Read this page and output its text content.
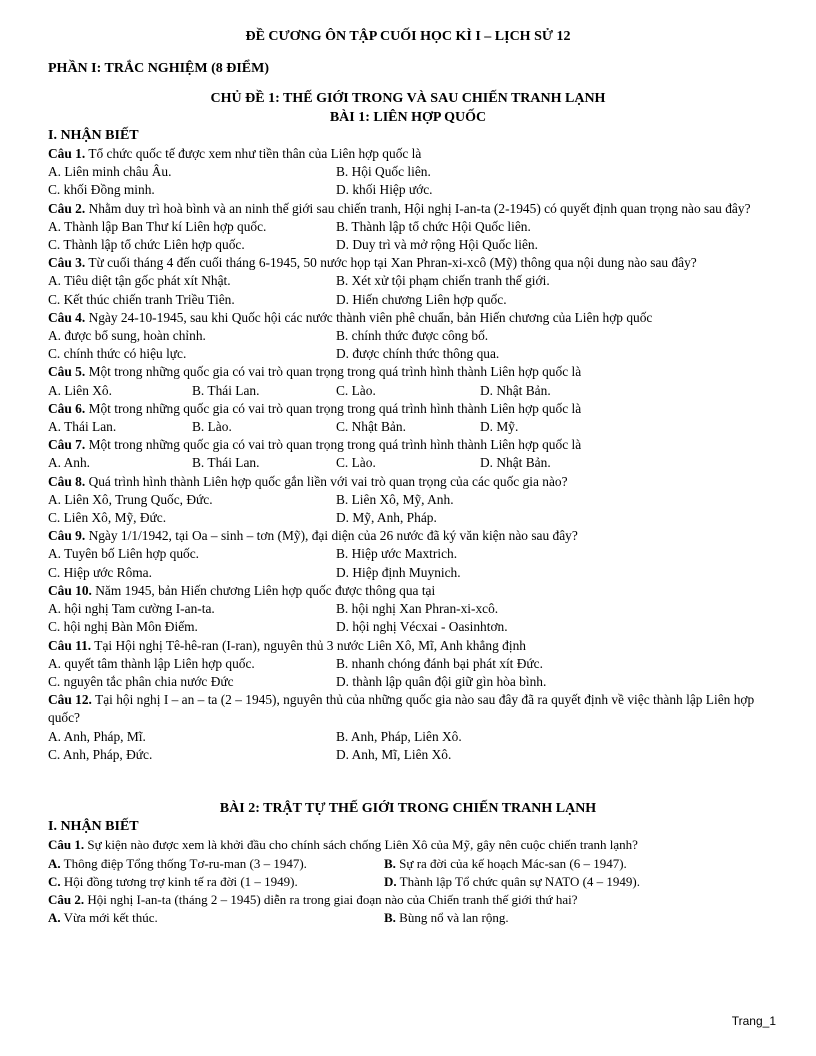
ĐỀ CƯƠNG ÔN TẬP CUỐI HỌC KÌ I – LỊCH SỬ 12
PHẦN I: TRẮC NGHIỆM (8 ĐIỂM)
CHỦ ĐỀ 1: THẾ GIỚI TRONG VÀ SAU CHIẾN TRANH LẠNH
BÀI 1: LIÊN HỢP QUỐC
I. NHẬN BIẾT

Câu 1. Tổ chức quốc tế được xem như tiền thân của Liên hợp quốc là

A. Liên minh châu Âu.	B. Hội Quốc liên.
C. khối Đồng minh.	D. khối Hiệp ước.

Câu 2. Nhằm duy trì hoà bình và an ninh thế giới sau chiến tranh, Hội nghị I-an-ta (2-1945) có quyết định quan trọng nào sau đây?

A. Thành lập Ban Thư kí Liên hợp quốc.	B. Thành lập tổ chức Hội Quốc liên.
C. Thành lập tổ chức Liên hợp quốc.	D. Duy trì và mở rộng Hội Quốc liên.

Câu 3. Từ cuối tháng 4 đến cuối tháng 6-1945, 50 nước họp tại Xan Phran-xi-xcô (Mỹ) thông qua nội dung nào sau đây?

A. Tiêu diệt tận gốc phát xít Nhật.	B. Xét xử tội phạm chiến tranh thế giới.
C. Kết thúc chiến tranh Triều Tiên.	D. Hiến chương Liên hợp quốc.

Câu 4. Ngày 24-10-1945, sau khi Quốc hội các nước thành viên phê chuẩn, bản Hiến chương của Liên hợp quốc

A. được bổ sung, hoàn chỉnh.	B. chính thức được công bố.
C. chính thức có hiệu lực.	D. được chính thức thông qua.

Câu 5. Một trong những quốc gia có vai trò quan trọng trong quá trình hình thành Liên hợp quốc là

A. Liên Xô.	B. Thái Lan.	C. Lào.	D. Nhật Bản.

Câu 6. Một trong những quốc gia có vai trò quan trọng trong quá trình hình thành Liên hợp quốc là

A. Thái Lan.	B. Lào.	C. Nhật Bản.	D. Mỹ.

Câu 7. Một trong những quốc gia có vai trò quan trọng trong quá trình hình thành Liên hợp quốc là

A. Anh.	B. Thái Lan.	C. Lào.	D. Nhật Bản.

Câu 8. Quá trình hình thành Liên hợp quốc gắn liền với vai trò quan trọng của các quốc gia nào?

A. Liên Xô, Trung Quốc, Đức.	B. Liên Xô, Mỹ, Anh.
C. Liên Xô, Mỹ, Đức.	D. Mỹ, Anh, Pháp.

Câu 9. Ngày 1/1/1942, tại Oa – sinh – tơn (Mỹ), đại diện của 26 nước đã ký văn kiện nào sau đây?

A. Tuyên bố Liên hợp quốc.	B. Hiệp ước Maxtrich.
C. Hiệp ước Rôma.	D. Hiệp định Muynich.

Câu 10. Năm 1945, bản Hiến chương Liên hợp quốc được thông qua tại

A. hội nghị Tam cường I-an-ta.	B. hội nghị Xan Phran-xi-xcô.
C. hội nghị Bàn Môn Điếm.	D. hội nghị Vécxai - Oasinhtơn.

Câu 11. Tại Hội nghị Tê-hê-ran (I-ran), nguyên thủ 3 nước Liên Xô, Mĩ, Anh khẳng định

A. quyết tâm thành lập Liên hợp quốc.	B. nhanh chóng đánh bại phát xít Đức.
C. nguyên tắc phân chia nước Đức	D. thành lập quân đội giữ gìn hòa bình.

Câu 12. Tại hội nghị I – an – ta (2 – 1945), nguyên thủ của những quốc gia nào sau đây đã ra quyết định về việc thành lập Liên hợp quốc?

A. Anh, Pháp, Mĩ.	B. Anh, Pháp, Liên Xô.
C. Anh, Pháp, Đức.	D. Anh, Mĩ, Liên Xô.
BÀI 2: TRẬT TỰ THẾ GIỚI TRONG CHIẾN TRANH LẠNH
I. NHẬN BIẾT

Câu 1. Sự kiện nào được xem là khởi đầu cho chính sách chống Liên Xô của Mỹ, gây nên cuộc chiến tranh lạnh?

A. Thông điệp Tổng thống Tơ-ru-man (3 – 1947).	B. Sự ra đời của kế hoạch Mác-san (6 – 1947).
C. Hội đồng tương trợ kinh tế ra đời (1 – 1949).	D. Thành lập Tổ chức quân sự NATO (4 – 1949).

Câu 2. Hội nghị I-an-ta (tháng 2 – 1945) diễn ra trong giai đoạn nào của Chiến tranh thế giới thứ hai?

A. Vừa mới kết thúc.	B. Bùng nổ và lan rộng.
Trang_1
